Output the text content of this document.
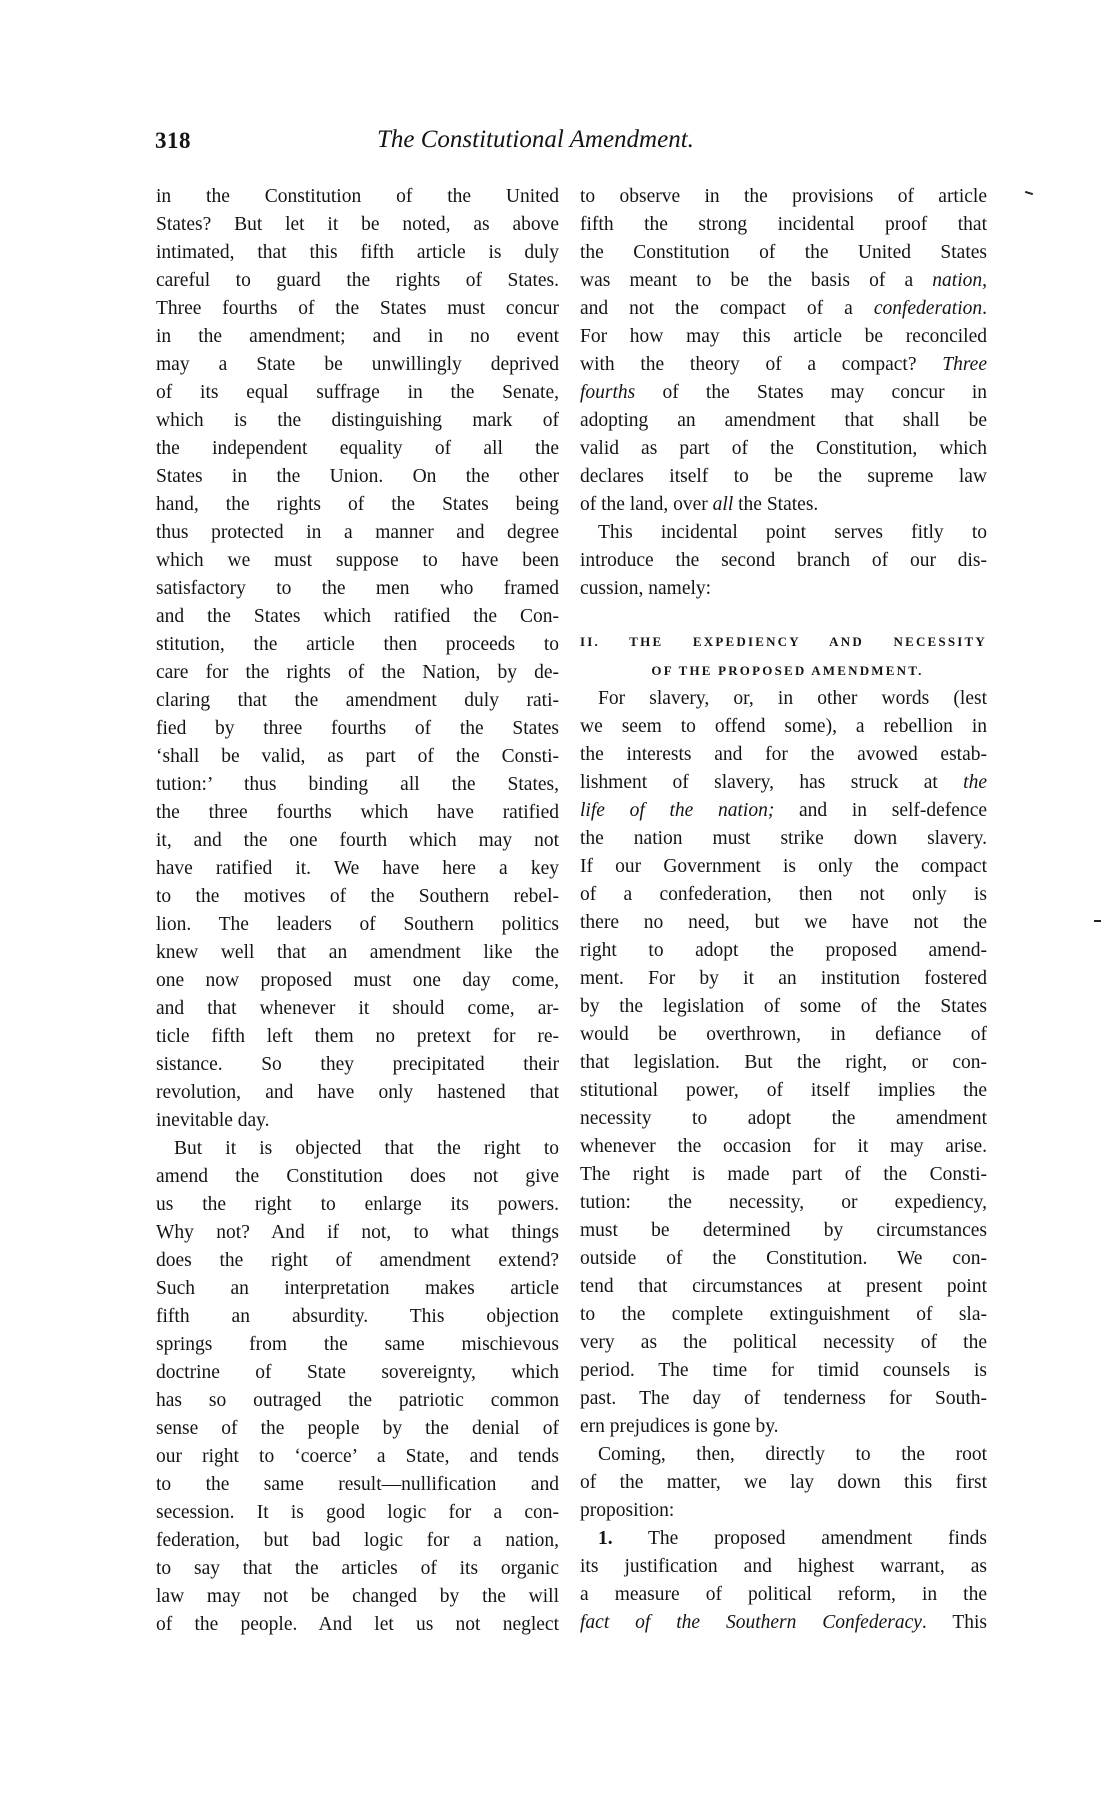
318	The Constitutional Amendment.
in the Constitution of the United
States? But let it be noted, as above
intimated, that this fifth article is duly
careful to guard the rights of States.
Three fourths of the States must concur
in the amendment; and in no event
may a State be unwillingly deprived
of its equal suffrage in the Senate,
which is the distinguishing mark of
the independent equality of all the
States in the Union. On the other
hand, the rights of the States being
thus protected in a manner and degree
which we must suppose to have been
satisfactory to the men who framed
and the States which ratified the Con-
stitution, the article then proceeds to
care for the rights of the Nation, by de-
claring that the amendment duly rati-
fied by three fourths of the States
‘shall be valid, as part of the Consti-
tution:’ thus binding all the States,
the three fourths which have ratified
it, and the one fourth which may not
have ratified it. We have here a key
to the motives of the Southern rebel-
lion. The leaders of Southern politics
knew well that an amendment like the
one now proposed must one day come,
and that whenever it should come, ar-
ticle fifth left them no pretext for re-
sistance. So they precipitated their
revolution, and have only hastened that
inevitable day.
But it is objected that the right to
amend the Constitution does not give
us the right to enlarge its powers.
Why not? And if not, to what things
does the right of amendment extend?
Such an interpretation makes article
fifth an absurdity. This objection
springs from the same mischievous
doctrine of State sovereignty, which
has so outraged the patriotic common
sense of the people by the denial of
our right to ‘coerce’ a State, and tends
to the same result—nullification and
secession. It is good logic for a con-
federation, but bad logic for a nation,
to say that the articles of its organic
law may not be changed by the will
of the people. And let us not neglect
to observe in the provisions of article
fifth the strong incidental proof that
the Constitution of the United States
was meant to be the basis of a nation,
and not the compact of a confederation.
For how may this article be reconciled
with the theory of a compact? Three
fourths of the States may concur in
adopting an amendment that shall be
valid as part of the Constitution, which
declares itself to be the supreme law
of the land, over all the States.
This incidental point serves fitly to
introduce the second branch of our dis-
cussion, namely:
II. THE EXPEDIENCY AND NECESSITY
OF THE PROPOSED AMENDMENT.
For slavery, or, in other words (lest
we seem to offend some), a rebellion in
the interests and for the avowed estab-
lishment of slavery, has struck at the
life of the nation; and in self-defence
the nation must strike down slavery.
If our Government is only the compact
of a confederation, then not only is
there no need, but we have not the
right to adopt the proposed amend-
ment. For by it an institution fostered
by the legislation of some of the States
would be overthrown, in defiance of
that legislation. But the right, or con-
stitutional power, of itself implies the
necessity to adopt the amendment
whenever the occasion for it may arise.
The right is made part of the Consti-
tution: the necessity, or expediency,
must be determined by circumstances
outside of the Constitution. We con-
tend that circumstances at present point
to the complete extinguishment of sla-
very as the political necessity of the
period. The time for timid counsels is
past. The day of tenderness for South-
ern prejudices is gone by.
Coming, then, directly to the root
of the matter, we lay down this first
proposition:
1. The proposed amendment finds
its justification and highest warrant, as
a measure of political reform, in the
fact of the Southern Confederacy. This
